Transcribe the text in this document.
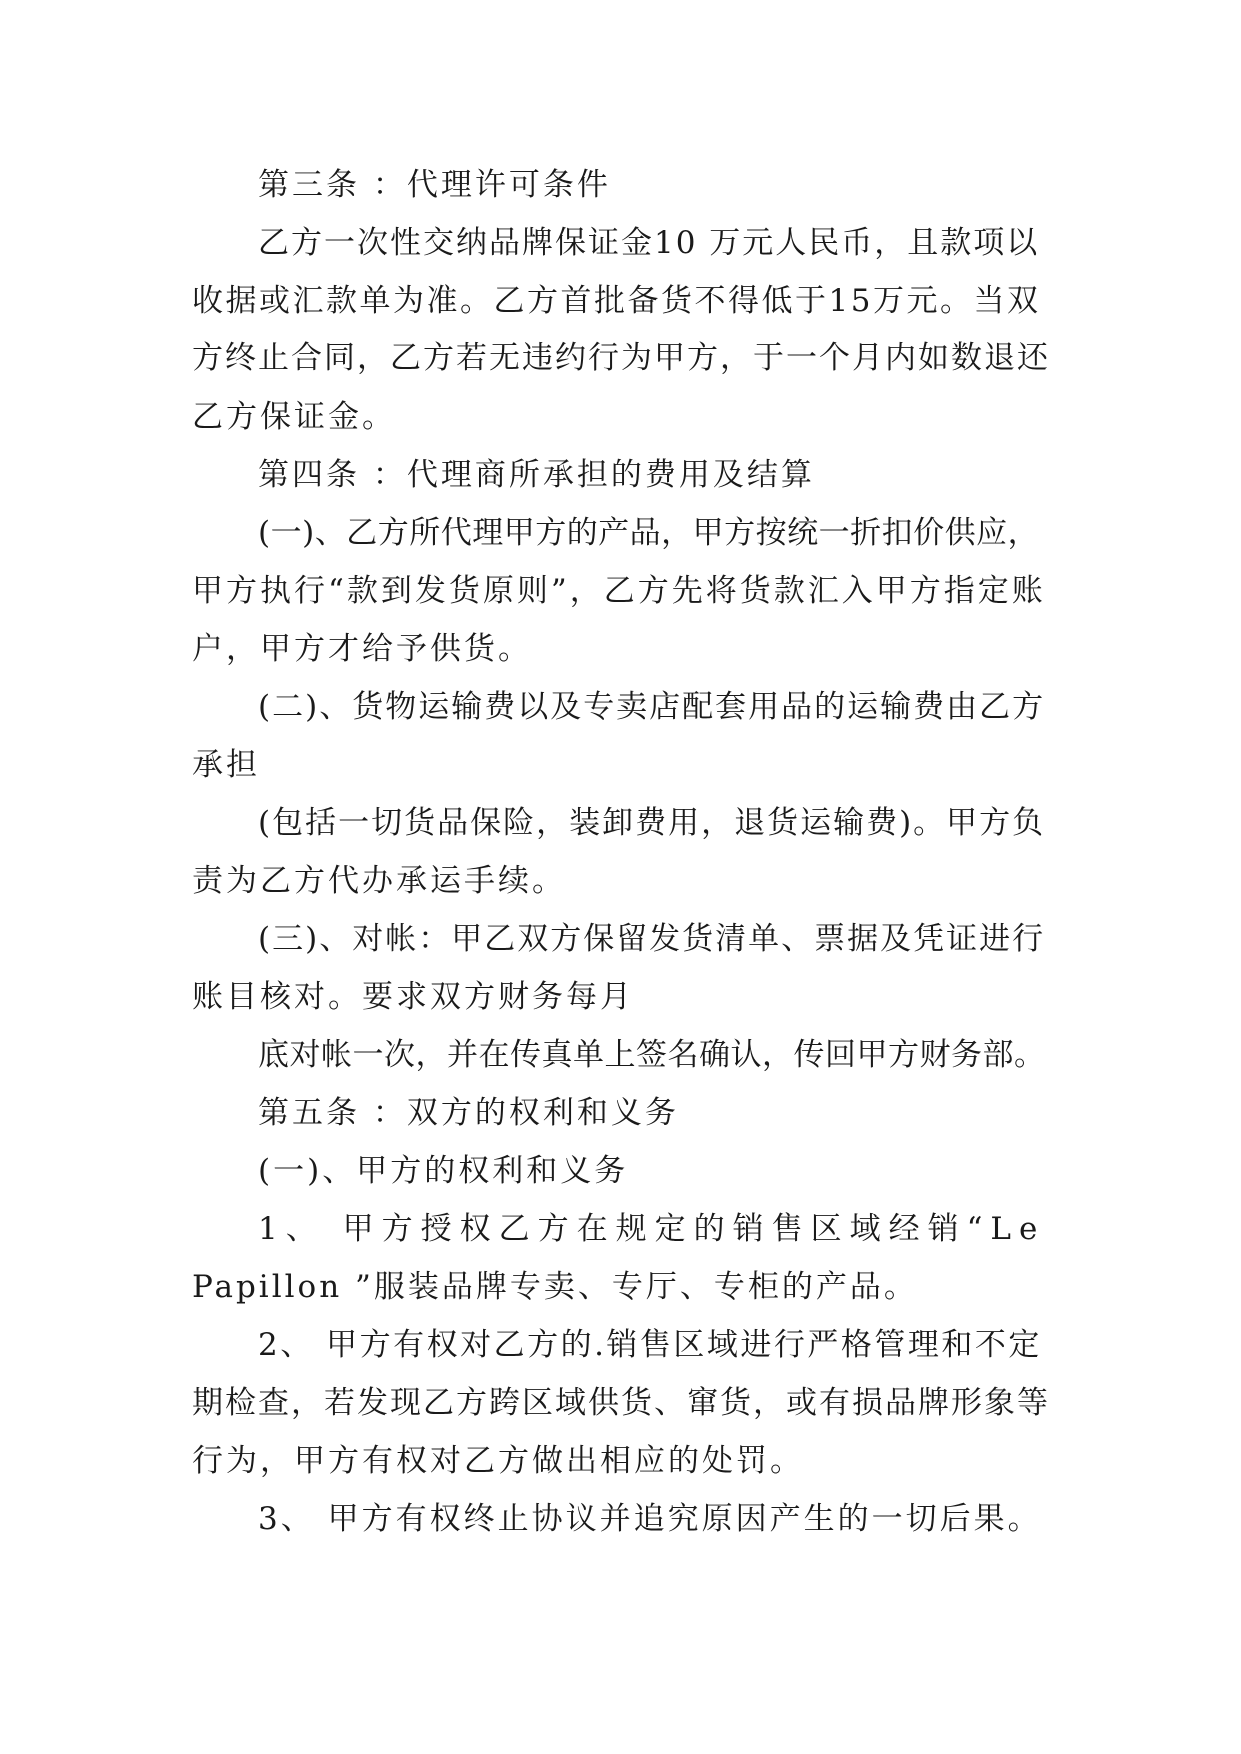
第三条 ：代理许可条件
乙方一次性交纳品牌保证金10 万元人民币，且款项以
收据或汇款单为准。乙方首批备货不得低于15万元。当双
方终止合同，乙方若无违约行为甲方，于一个月内如数退还
乙方保证金。
第四条 ：代理商所承担的费用及结算
(一)、乙方所代理甲方的产品，甲方按统一折扣价供应，
甲方执行“款到发货原则”，乙方先将货款汇入甲方指定账
户，甲方才给予供货。
(二)、货物运输费以及专卖店配套用品的运输费由乙方
承担
(包括一切货品保险，装卸费用，退货运输费)。甲方负
责为乙方代办承运手续。
(三)、对帐：甲乙双方保留发货清单、票据及凭证进行
账目核对。要求双方财务每月
底对帐一次，并在传真单上签名确认，传回甲方财务部。
第五条 ：双方的权利和义务
(一)、甲方的权利和义务
1、 甲方授权乙方在规定的销售区域经销“Le
Papillon ”服装品牌专卖、专厅、专柜的产品。
2、 甲方有权对乙方的.销售区域进行严格管理和不定
期检查，若发现乙方跨区域供货、窜货，或有损品牌形象等
行为，甲方有权对乙方做出相应的处罚。
3、 甲方有权终止协议并追究原因产生的一切后果。
